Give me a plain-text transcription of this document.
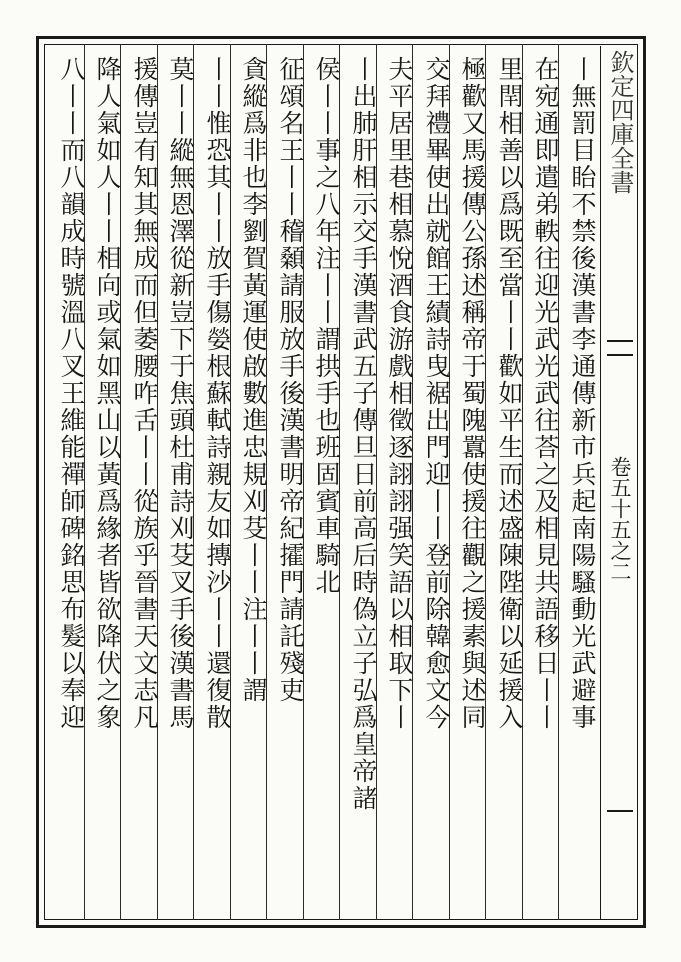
欽定四庫全書
卷五十五之二
丨無罰目眙不禁後漢書李通傳新市兵起南陽騷動光武避事
在宛通即遣弟軼往迎光武光武往荅之及相見共語移日丨丨
里閈相善以爲既至當丨丨歡如平生而述盛陳陛衛以延援入
極歡又馬援傳公孫述稱帝于蜀隗囂使援往觀之援素與述同
交拜禮畢使出就館王績詩曳裾出門迎丨丨登前除韓愈文今
夫平居里巷相慕悅酒食游戲相徵逐詡詡强笑語以相取下丨
丨出肺肝相示交手漢書武五子傳旦日前高后時偽立子弘爲皇帝諸
侯丨丨事之八年注丨丨謂拱手也班固賓車騎北
征頌名王丨丨稽顙請服放手後漢書明帝紀攉門請託殘吏
貪縱爲非也李劉賀黃運使啟數進忠規刈芟丨丨注丨丨謂
丨丨惟恐其丨丨放手傷嫈根蘇軾詩親友如摶沙丨丨還復散
莫丨丨縱無恩澤從新豈下于焦頭杜甫詩刈芟叉手後漢書馬
援傳豈有知其無成而但萎腰咋舌丨丨從族乎晉書天文志凡
降人氣如人丨丨相向或氣如黑山以黃爲緣者皆欲降伏之象
八丨丨而八韻成時號溫八叉王維能禪師碑銘思布髮以奉迎
